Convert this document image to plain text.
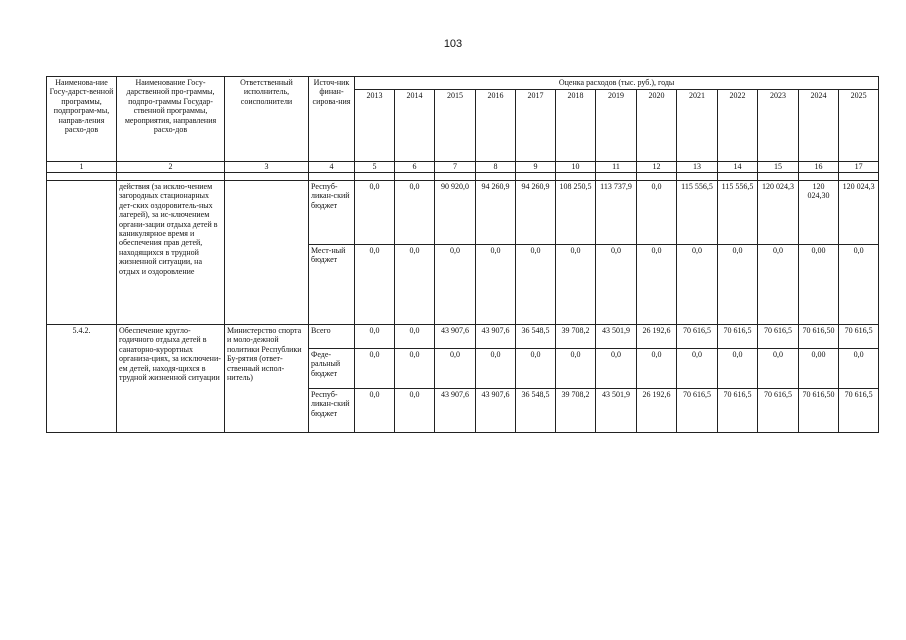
103
Наименова-ние Госу-дарст-венной программы, подпрограм-мы, направ-ления расхо-дов	Наименование Госу-дарственной про-граммы, подпро-граммы Государ-ственной программы, мероприятия, направления расхо-дов	Ответственный исполнитель, соисполнители	Источ-ник финан-сирова-ния	Оценка расходов (тыс. руб.), годы												
				2013	2014	2015	2016	2017	2018	2019	2020	2021	2022	2023	2024	2025
1	2	3	4	5	6	7	8	9	10	11	12	13	14	15	16	17

	действия (за исклю-чением загородных стационарных дет-ских оздоровитель-ных лагерей), за ис-ключением органи-зации отдыха детей в каникулярное время и обеспечения прав детей, находящихся в трудной жизненной ситуации, на отдых и оздоровление		Респуб-ликан-ский бюджет	0,0	0,0	90 920,0	94 260,9	94 260,9	108 250,5	113 737,9	0,0	115 556,5	115 556,5	120 024,3	120 024,30	120 024,3
			Мест-ный бюджет	0,0	0,0	0,0	0,0	0,0	0,0	0,0	0,0	0,0	0,0	0,0	0,00	0,0
5.4.2.	Обеспечение кругло-годичного отдыха детей в санаторно-курортных организа-циях, за исключени-ем детей, находя-щихся в трудной жизненной ситуации	Министерство спорта и моло-дежной политики Республики Бу-рятия (ответ-ственный испол-нитель)	Всего	0,0	0,0	43 907,6	43 907,6	36 548,5	39 708,2	43 501,9	26 192,6	70 616,5	70 616,5	70 616,5	70 616,50	70 616,5
			Феде-ральный бюджет	0,0	0,0	0,0	0,0	0,0	0,0	0,0	0,0	0,0	0,0	0,0	0,00	0,0
			Респуб-ликан-ский бюджет	0,0	0,0	43 907,6	43 907,6	36 548,5	39 708,2	43 501,9	26 192,6	70 616,5	70 616,5	70 616,5	70 616,50	70 616,5
